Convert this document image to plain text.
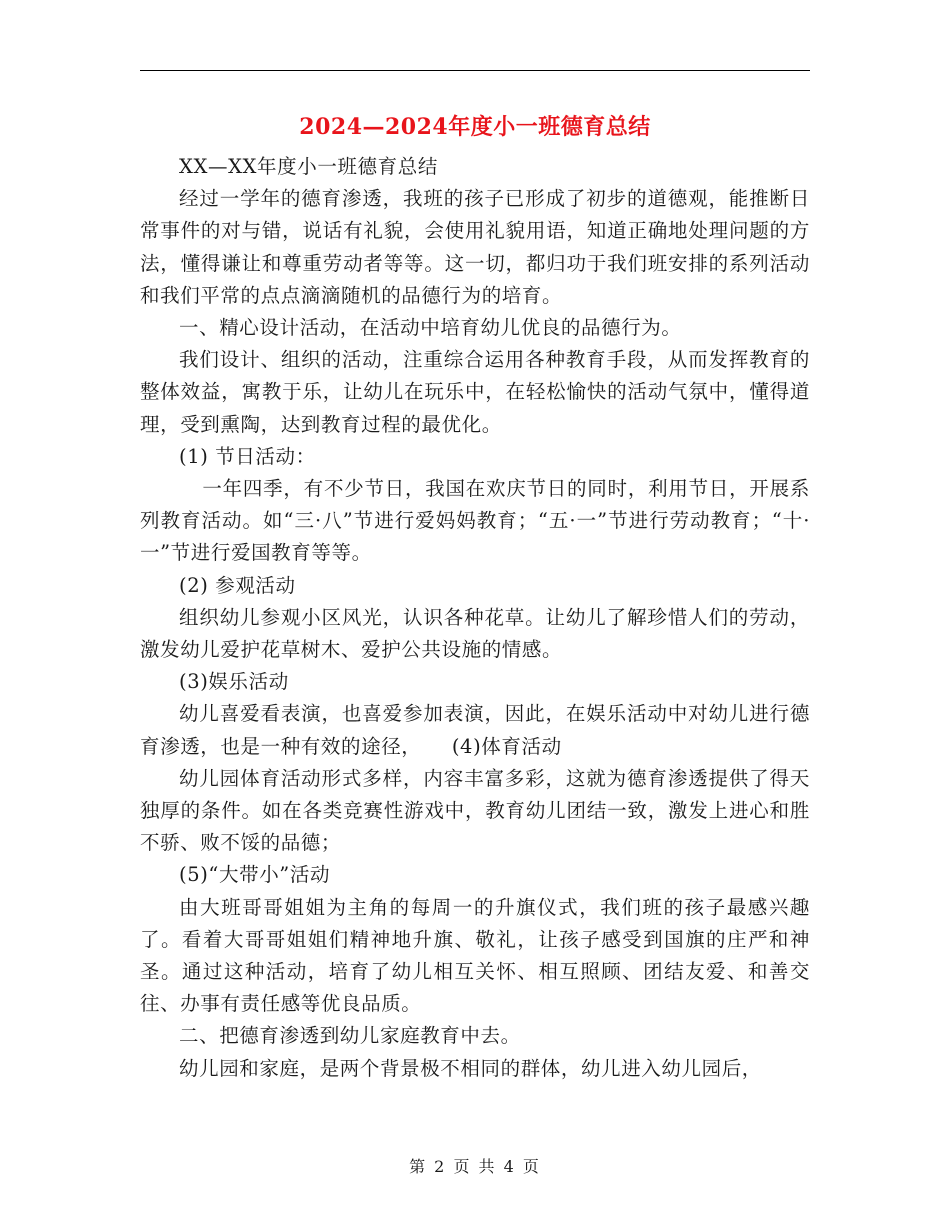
2024—2024年度小一班德育总结

XX—XX年度小一班德育总结

经过一学年的德育渗透，我班的孩子已形成了初步的道德观，能推断日常事件的对与错，说话有礼貌，会使用礼貌用语，知道正确地处理问题的方法，懂得谦让和尊重劳动者等等。这一切，都归功于我们班安排的系列活动和我们平常的点点滴滴随机的品德行为的培育。

一、精心设计活动，在活动中培育幼儿优良的品德行为。

我们设计、组织的活动，注重综合运用各种教育手段，从而发挥教育的整体效益，寓教于乐，让幼儿在玩乐中，在轻松愉快的活动气氛中，懂得道理，受到熏陶，达到教育过程的最优化。

(1) 节日活动：

一年四季，有不少节日，我国在欢庆节日的同时，利用节日，开展系列教育活动。如“三·八”节进行爱妈妈教育；“五·一”节进行劳动教育；“十·一”节进行爱国教育等等。

(2) 参观活动

组织幼儿参观小区风光，认识各种花草。让幼儿了解珍惜人们的劳动，激发幼儿爱护花草树木、爱护公共设施的情感。

(3)娱乐活动

幼儿喜爱看表演，也喜爱参加表演，因此，在娱乐活动中对幼儿进行德育渗透，也是一种有效的途径，　　(4)体育活动

幼儿园体育活动形式多样，内容丰富多彩，这就为德育渗透提供了得天独厚的条件。如在各类竞赛性游戏中，教育幼儿团结一致，激发上进心和胜不骄、败不馁的品德；

(5)“大带小”活动

由大班哥哥姐姐为主角的每周一的升旗仪式，我们班的孩子最感兴趣了。看着大哥哥姐姐们精神地升旗、敬礼，让孩子感受到国旗的庄严和神圣。通过这种活动，培育了幼儿相互关怀、相互照顾、团结友爱、和善交往、办事有责任感等优良品质。

二、把德育渗透到幼儿家庭教育中去。

幼儿园和家庭，是两个背景极不相同的群体，幼儿进入幼儿园后，

第 2 页 共 4 页
